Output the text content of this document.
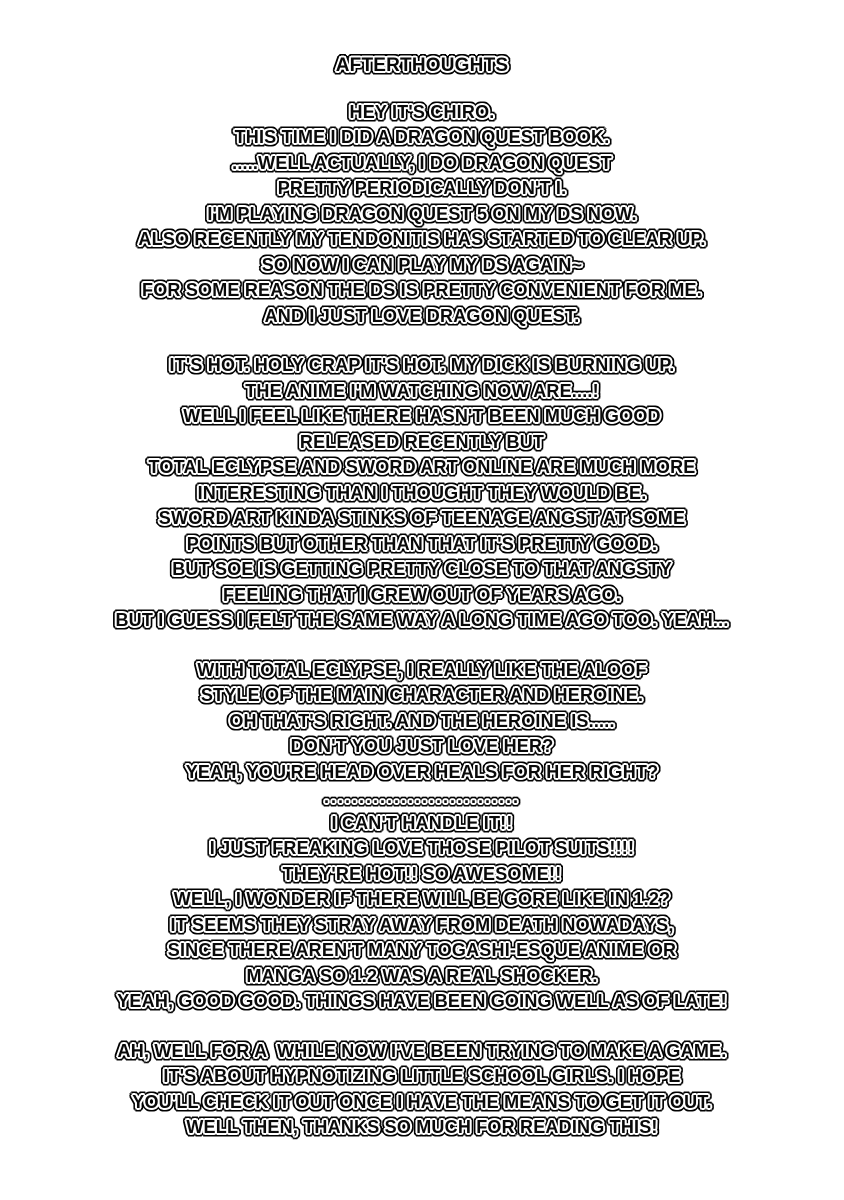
AFTERTHOUGHTS
HEY IT'S CHIRO.
THIS TIME I DID A DRAGON QUEST BOOK.
.....WELL ACTUALLY, I DO DRAGON QUEST
PRETTY PERIODICALLY DON'T I.
I'M PLAYING DRAGON QUEST 5 ON MY DS NOW.
ALSO RECENTLY MY TENDONITIS HAS STARTED TO CLEAR UP.
SO NOW I CAN PLAY MY DS AGAIN~
FOR SOME REASON THE DS IS PRETTY CONVENIENT FOR ME.
AND I JUST LOVE DRAGON QUEST.
IT'S HOT. HOLY CRAP IT'S HOT. MY DICK IS BURNING UP.
THE ANIME I'M WATCHING NOW ARE....!
WELL I FEEL LIKE THERE HASN'T BEEN MUCH GOOD
RELEASED RECENTLY BUT
TOTAL ECLYPSE AND SWORD ART ONLINE ARE MUCH MORE
INTERESTING THAN I THOUGHT THEY WOULD BE.
SWORD ART KINDA STINKS OF TEENAGE ANGST AT SOME
POINTS BUT OTHER THAN THAT IT'S PRETTY GOOD.
BUT SOE IS GETTING PRETTY CLOSE TO THAT ANGSTY
FEELING THAT I GREW OUT OF YEARS AGO.
BUT I GUESS I FELT THE SAME WAY A LONG TIME AGO TOO. YEAH...
WITH TOTAL ECLYPSE, I REALLY LIKE THE ALOOF
STYLE OF THE MAIN CHARACTER AND HEROINE.
OH THAT'S RIGHT. AND THE HEROINE IS.....
DON'T YOU JUST LOVE HER?
YEAH, YOU'RE HEAD OVER HEALS FOR HER RIGHT?
............................
I CAN'T HANDLE IT!!
I JUST FREAKING LOVE THOSE PILOT SUITS!!!!
THEY'RE HOT!! SO AWESOME!!
WELL, I WONDER IF THERE WILL BE GORE LIKE IN 1.2?
IT SEEMS THEY STRAY AWAY FROM DEATH NOWADAYS,
SINCE THERE AREN'T MANY TOGASHI-ESQUE ANIME OR
MANGA SO 1.2 WAS A REAL SHOCKER.
YEAH, GOOD GOOD. THINGS HAVE BEEN GOING WELL AS OF LATE!
AH, WELL FOR A  WHILE NOW I'VE BEEN TRYING TO MAKE A GAME.
IT'S ABOUT HYPNOTIZING LITTLE SCHOOL GIRLS. I HOPE
YOU'LL CHECK IT OUT ONCE I HAVE THE MEANS TO GET IT OUT.
WELL THEN, THANKS SO MUCH FOR READING THIS!
